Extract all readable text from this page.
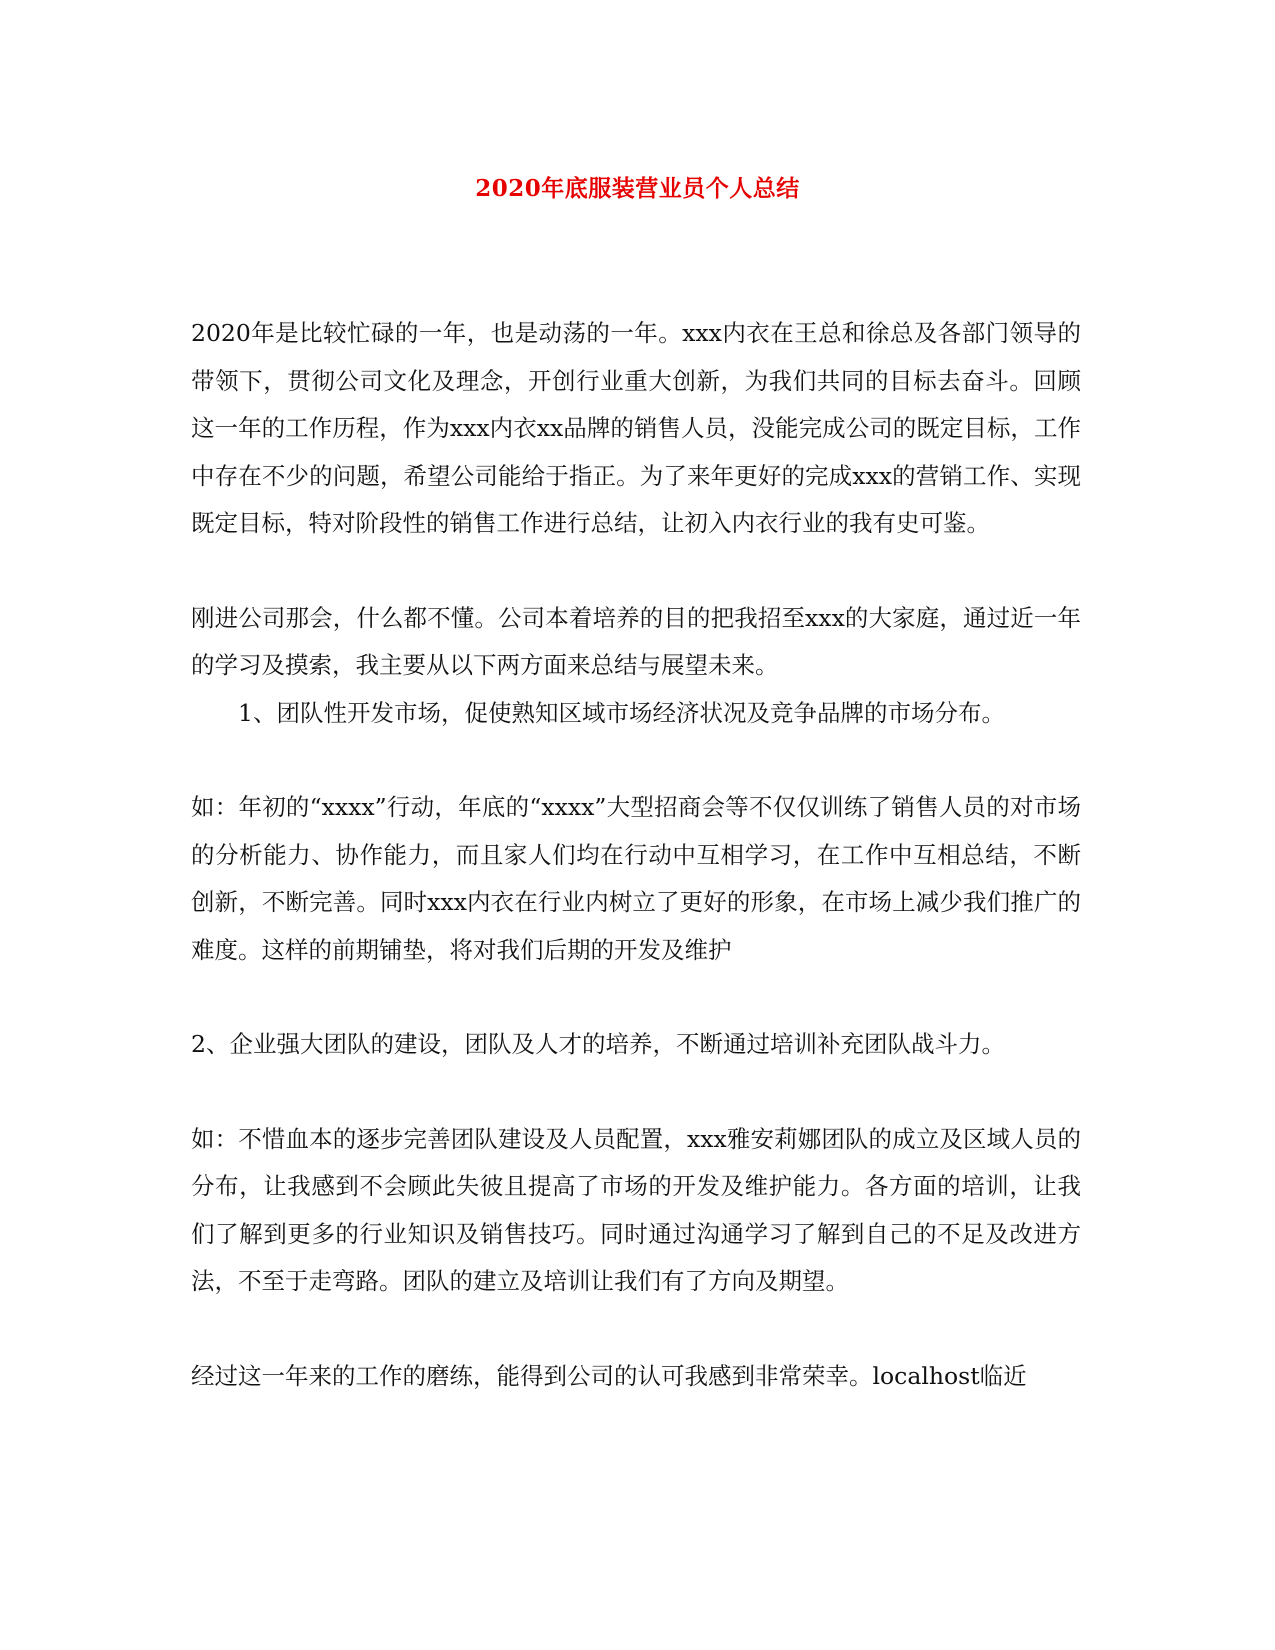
2020年底服装营业员个人总结

2020年是比较忙碌的一年，也是动荡的一年。xxx内衣在王总和徐总及各部门领导的带领下，贯彻公司文化及理念，开创行业重大创新，为我们共同的目标去奋斗。回顾这一年的工作历程，作为xxx内衣xx品牌的销售人员，没能完成公司的既定目标，工作中存在不少的问题，希望公司能给于指正。为了来年更好的完成xxx的营销工作、实现既定目标，特对阶段性的销售工作进行总结，让初入内衣行业的我有史可鉴。

刚进公司那会，什么都不懂。公司本着培养的目的把我招至xxx的大家庭，通过近一年的学习及摸索，我主要从以下两方面来总结与展望未来。

1、团队性开发市场，促使熟知区域市场经济状况及竞争品牌的市场分布。

如：年初的“xxxx”行动，年底的“xxxx”大型招商会等不仅仅训练了销售人员的对市场的分析能力、协作能力，而且家人们均在行动中互相学习，在工作中互相总结，不断创新，不断完善。同时xxx内衣在行业内树立了更好的形象，在市场上减少我们推广的难度。这样的前期铺垫，将对我们后期的开发及维护

2、企业强大团队的建设，团队及人才的培养，不断通过培训补充团队战斗力。

如：不惜血本的逐步完善团队建设及人员配置，xxx雅安莉娜团队的成立及区域人员的分布，让我感到不会顾此失彼且提高了市场的开发及维护能力。各方面的培训，让我们了解到更多的行业知识及销售技巧。同时通过沟通学习了解到自己的不足及改进方法，不至于走弯路。团队的建立及培训让我们有了方向及期望。

经过这一年来的工作的磨练，能得到公司的认可我感到非常荣幸。localhost临近
